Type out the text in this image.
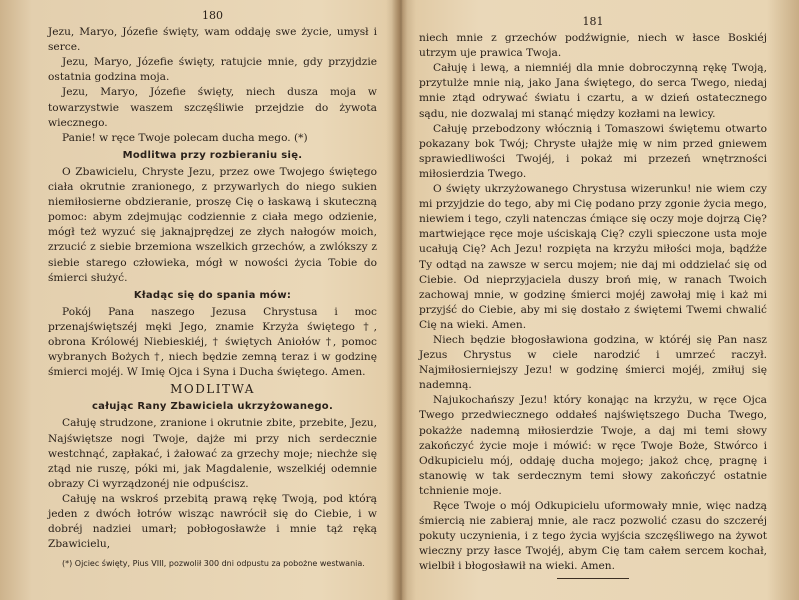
180

Jezu, Maryo, Józefie święty, wam oddaję swe życie, umysł i serce.

Jezu, Maryo, Józefie święty, ratujcie mnie, gdy przyjdzie ostatnia godzina moja.

Jezu, Maryo, Józefie święty, niech dusza moja w towarzystwie waszem szczęśliwie przejdzie do żywota wiecznego.

Panie! w ręce Twoje polecam ducha mego. (*)

Modlitwa przy rozbieraniu się.

O Zbawicielu, Chryste Jezu, przez owe Twojego świętego ciała okrutnie zranionego, z przywarlych do niego sukien niemiłosierne obdzieranie, proszę Cię o łaskawą i skuteczną pomoc: abym zdejmując codziennie z ciała mego odzienie, mógł też wyzuć się jaknajprędzej ze złych nałogów moich, zrzucić z siebie brzemiona wszelkich grzechów, a zwlókszy z siebie starego człowieka, mógł w nowości życia Tobie do śmierci służyć.

Kładąc się do spania mów:

Pokój Pana naszego Jezusa Chrystusa i moc przenajświętszéj męki Jego, znamie Krzyża świętego †, obrona Królowéj Niebieskiéj, † świętych Aniołów †, pomoc wybranych Bożych †, niech będzie zemną teraz i w godzinę śmierci mojéj. W Imię Ojca i Syna i Ducha świętego. Amen.

MODLITWA
całując Rany Zbawiciela ukrzyżowanego.

Całuję strudzone, zranione i okrutnie zbite, przebite, Jezu, Najświętsze nogi Twoje, dajże mi przy nich serdecznie westchnąć, zapłakać, i żałować za grzechy moje; niechże się ztąd nie ruszę, póki mi, jak Magdalenie, wszelkiéj odemnie obrazy Ci wyrządzonéj nie odpuścisz.

Całuję na wskroś przebitą prawą rękę Twoją, pod którą jeden z dwóch łotrów wisząc nawrócił się do Ciebie, i w dobréj nadziei umarł; pobłogosławże i mnie tąż ręką Zbawicielu,

(*) Ojciec święty, Pius VIII, pozwolił 300 dni odpustu za pobożne westwania.
181

niech mnie z grzechów podźwignie, niech w łasce Boskiéj utrzym uje prawica Twoja.

Całuję i lewą, a niemniéj dla mnie dobroczynną rękę Twoją, przytulże mnie nią, jako Jana świętego, do serca Twego, niedaj mnie ztąd odrywać światu i czartu, a w dzień ostatecznego sądu, nie dozwalaj mi stanąć między kozłami na lewicy.

Całuję przebodzony włócznią i Tomaszowi świętemu otwarto pokazany bok Twój; Chryste ułajże mię w nim przed gniewem sprawiedliwości Twojéj, i pokaż mi przezeń wnętrzności miłosierdzia Twego.

O święty ukrzyżowanego Chrystusa wizerunku! nie wiem czy mi przyjdzie do tego, aby mi Cię podano przy zgonie życia mego, niewiem i tego, czyli natenczas ćmiące się oczy moje dojrzą Cię? martwiejące ręce moje uściskają Cię? czyli spieczone usta moje ucałują Cię? Ach Jezu! rozpięta na krzyżu miłości moja, bądźże Ty odtąd na zawsze w sercu mojem; nie daj mi oddzielać się od Ciebie. Od nieprzyjaciela duszy broń mię, w ranach Twoich zachowaj mnie, w godzinę śmierci mojéj zawołaj mię i każ mi przyjść do Ciebie, aby mi się dostało z świętemi Twemi chwalić Cię na wieki. Amen.

Niech będzie błogosławiona godzina, w któréj się Pan nasz Jezus Chrystus w ciele narodzić i umrzeć raczył. Najmiłosierniejszy Jezu! w godzinę śmierci mojéj, zmiłuj się nademną.

Najukochańszy Jezu! który konając na krzyżu, w ręce Ojca Twego przedwiecznego oddałeś najświętszego Ducha Twego, pokażże nademną miłosierdzie Twoje, a daj mi temi słowy zakończyć życie moje i mówić: w ręce Twoje Boże, Stwórco i Odkupicielu mój, oddaję ducha mojego; jakoż chcę, pragnę i stanowię w tak serdecznym temi słowy zakończyć ostatnie tchnienie moje.

Ręce Twoje o mój Odkupicielu uformowały mnie, więc nadzą śmiercią nie zabieraj mnie, ale racz pozwolić czasu do szczeréj pokuty uczynienia, i z tego życia wyjścia szczęśliwego na żywot wieczny przy łasce Twojéj, abym Cię tam całem sercem kochał, wielbił i błogosławił na wieki. Amen.
